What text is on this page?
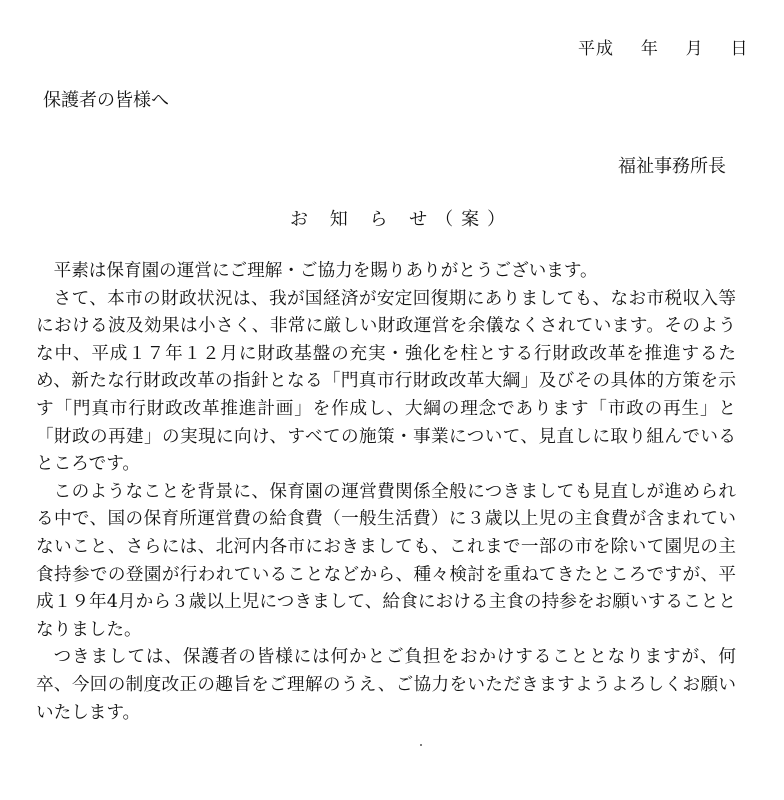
平成 年 月 日
保護者の皆様へ
福祉事務所長
お 知 ら せ（案）

平素は保育園の運営にご理解・ご協力を賜りありがとうございます。

さて、本市の財政状況は、我が国経済が安定回復期にありましても、なお市税収入等における波及効果は小さく、非常に厳しい財政運営を余儀なくされています。そのような中、平成１７年１２月に財政基盤の充実・強化を柱とする行財政改革を推進するため、新たな行財政改革の指針となる「門真市行財政改革大綱」及びその具体的方策を示す「門真市行財政改革推進計画」を作成し、大綱の理念であります「市政の再生」と「財政の再建」の実現に向け、すべての施策・事業について、見直しに取り組んでいるところです。

このようなことを背景に、保育園の運営費関係全般につきましても見直しが進められる中で、国の保育所運営費の給食費（一般生活費）に３歳以上児の主食費が含まれていないこと、さらには、北河内各市におきましても、これまで一部の市を除いて園児の主食持参での登園が行われていることなどから、種々検討を重ねてきたところですが、平成１９年4月から３歳以上児につきまして、給食における主食の持参をお願いすることとなりました。

つきましては、保護者の皆様には何かとご負担をおかけすることとなりますが、何卒、今回の制度改正の趣旨をご理解のうえ、ご協力をいただきますようよろしくお願いいたします。
